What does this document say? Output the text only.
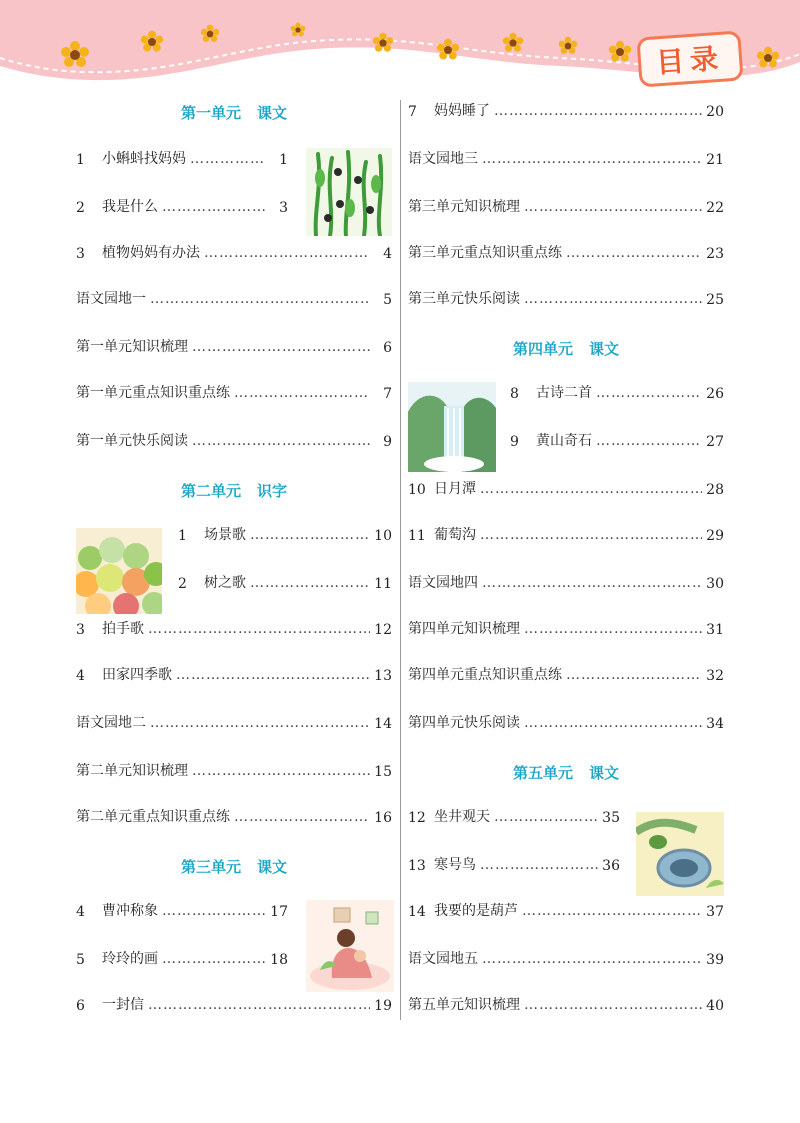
目录
第一单元 课文
1	小蝌蚪找妈妈 ……………………………………………………………………………………………………………………………………………………	1
2	我是什么 ……………………………………………………………………………………………………………………………………………………	3
3	植物妈妈有办法 ……………………………………………………………………………………………………………………………………………………	4
语文园地一 ……………………………………………………………………………………………………………………………………………………	5
第一单元知识梳理 ……………………………………………………………………………………………………………………………………………………	6
第一单元重点知识重点练 ……………………………………………………………………………………………………………………………………………………	7
第一单元快乐阅读 ……………………………………………………………………………………………………………………………………………………	9
第二单元 识字
1	场景歌 ……………………………………………………………………………………………………………………………………………………	10
2	树之歌 ……………………………………………………………………………………………………………………………………………………	11
3	拍手歌 ……………………………………………………………………………………………………………………………………………………	12
4	田家四季歌 ……………………………………………………………………………………………………………………………………………………	13
语文园地二 ……………………………………………………………………………………………………………………………………………………	14
第二单元知识梳理 ……………………………………………………………………………………………………………………………………………………	15
第二单元重点知识重点练 ……………………………………………………………………………………………………………………………………………………	16
第三单元 课文
4	曹冲称象 ……………………………………………………………………………………………………………………………………………………	17
5	玲玲的画 ……………………………………………………………………………………………………………………………………………………	18
6	一封信 ……………………………………………………………………………………………………………………………………………………	19
7	妈妈睡了 ……………………………………………………………………………………………………………………………………………………	20
语文园地三 ……………………………………………………………………………………………………………………………………………………	21
第三单元知识梳理 ……………………………………………………………………………………………………………………………………………………	22
第三单元重点知识重点练 ……………………………………………………………………………………………………………………………………………………	23
第三单元快乐阅读 ……………………………………………………………………………………………………………………………………………………	25
第四单元 课文
8	古诗二首 ……………………………………………………………………………………………………………………………………………………	26
9	黄山奇石 ……………………………………………………………………………………………………………………………………………………	27
10 日月潭 ……………………………………………………………………………………………………………………………………………………	28
11 葡萄沟 ……………………………………………………………………………………………………………………………………………………	29
语文园地四 ……………………………………………………………………………………………………………………………………………………	30
第四单元知识梳理 ……………………………………………………………………………………………………………………………………………………	31
第四单元重点知识重点练 ……………………………………………………………………………………………………………………………………………………	32
第四单元快乐阅读 ……………………………………………………………………………………………………………………………………………………	34
第五单元 课文
12 坐井观天 ……………………………………………………………………………………………………………………………………………………	35
13 寒号鸟 ……………………………………………………………………………………………………………………………………………………	36
14 我要的是葫芦 ……………………………………………………………………………………………………………………………………………………	37
语文园地五 ……………………………………………………………………………………………………………………………………………………	39
第五单元知识梳理 ……………………………………………………………………………………………………………………………………………………	40
